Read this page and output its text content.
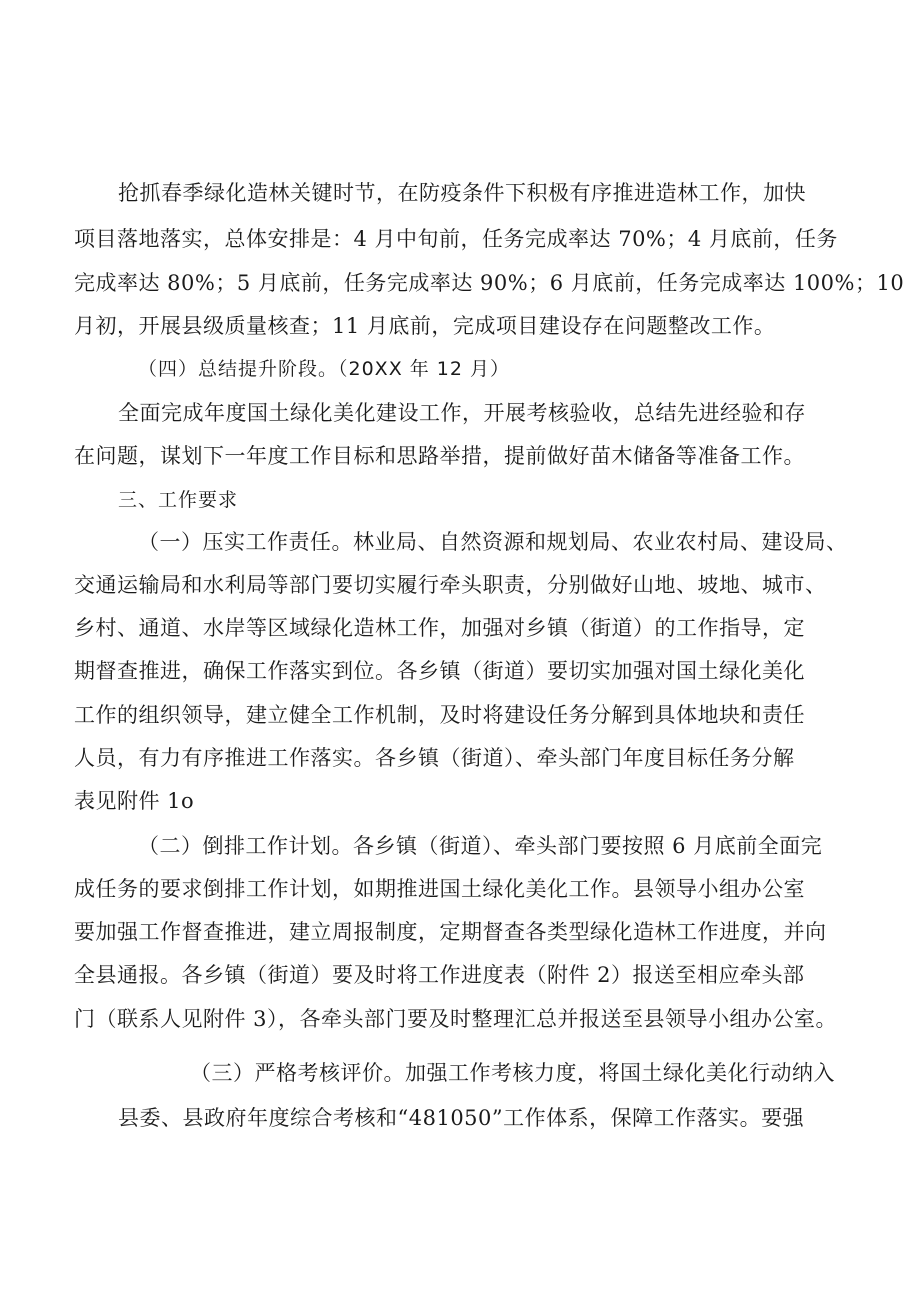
抢抓春季绿化造林关键时节，在防疫条件下积极有序推进造林工作，加快
项目落地落实，总体安排是：4 月中旬前，任务完成率达 70%；4 月底前，任务
完成率达 80%；5 月底前，任务完成率达 90%；6 月底前，任务完成率达 100%；10
月初，开展县级质量核查；11 月底前，完成项目建设存在问题整改工作。
（四）总结提升阶段。（20XX 年 12 月）
全面完成年度国土绿化美化建设工作，开展考核验收，总结先进经验和存
在问题，谋划下一年度工作目标和思路举措，提前做好苗木储备等准备工作。
三、工作要求
（一）压实工作责任。林业局、自然资源和规划局、农业农村局、建设局、
交通运输局和水利局等部门要切实履行牵头职责，分别做好山地、坡地、城市、
乡村、通道、水岸等区域绿化造林工作，加强对乡镇（街道）的工作指导，定
期督查推进，确保工作落实到位。各乡镇（街道）要切实加强对国土绿化美化
工作的组织领导，建立健全工作机制，及时将建设任务分解到具体地块和责任
人员，有力有序推进工作落实。各乡镇（街道）、牵头部门年度目标任务分解
表见附件 1o
（二）倒排工作计划。各乡镇（街道）、牵头部门要按照 6 月底前全面完
成任务的要求倒排工作计划，如期推进国土绿化美化工作。县领导小组办公室
要加强工作督查推进，建立周报制度，定期督查各类型绿化造林工作进度，并向
全县通报。各乡镇（街道）要及时将工作进度表（附件 2）报送至相应牵头部
门（联系人见附件 3），各牵头部门要及时整理汇总并报送至县领导小组办公室。
（三）严格考核评价。加强工作考核力度，将国土绿化美化行动纳入
县委、县政府年度综合考核和“481050”工作体系，保障工作落实。要强
